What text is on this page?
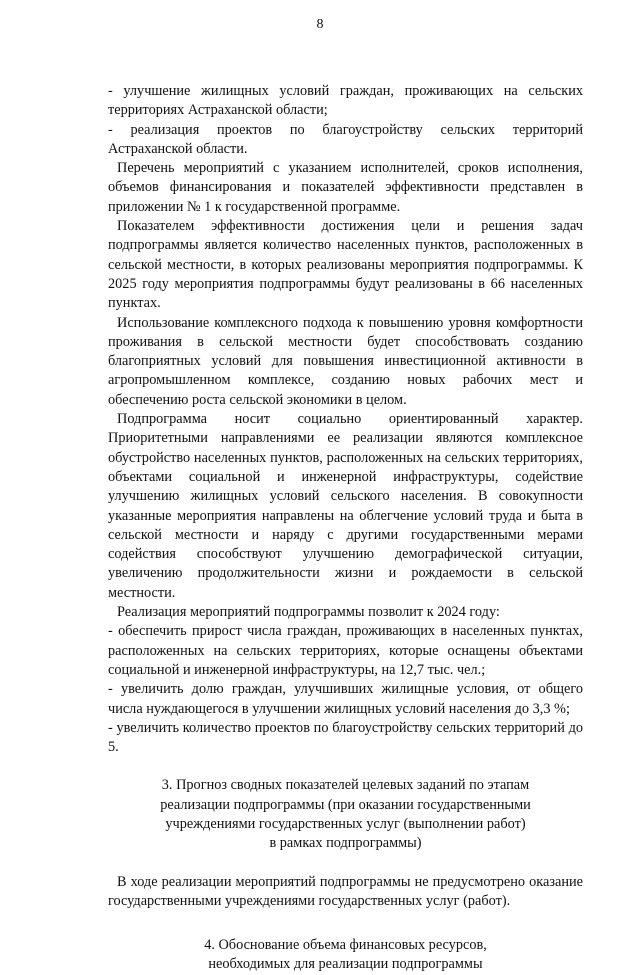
8

- улучшение жилищных условий граждан, проживающих на сельских территориях Астраханской области;

- реализация проектов по благоустройству сельских территорий Астраханской области.

Перечень мероприятий с указанием исполнителей, сроков исполнения, объемов финансирования и показателей эффективности представлен в приложении № 1 к государственной программе.

Показателем эффективности достижения цели и решения задач подпрограммы является количество населенных пунктов, расположенных в сельской местности, в которых реализованы мероприятия подпрограммы. К 2025 году мероприятия подпрограммы будут реализованы в 66 населенных пунктах.

Использование комплексного подхода к повышению уровня комфортности проживания в сельской местности будет способствовать созданию благоприятных условий для повышения инвестиционной активности в агропромышленном комплексе, созданию новых рабочих мест и обеспечению роста сельской экономики в целом.

Подпрограмма носит социально ориентированный характер. Приоритетными направлениями ее реализации являются комплексное обустройство населенных пунктов, расположенных на сельских территориях, объектами социальной и инженерной инфраструктуры, содействие улучшению жилищных условий сельского населения. В совокупности указанные мероприятия направлены на облегчение условий труда и быта в сельской местности и наряду с другими государственными мерами содействия способствуют улучшению демографической ситуации, увеличению продолжительности жизни и рождаемости в сельской местности.

Реализация мероприятий подпрограммы позволит к 2024 году:

- обеспечить прирост числа граждан, проживающих в населенных пунктах, расположенных на сельских территориях, которые оснащены объектами социальной и инженерной инфраструктуры, на 12,7 тыс. чел.;

- увеличить долю граждан, улучшивших жилищные условия, от общего числа нуждающегося в улучшении жилищных условий населения до 3,3 %;

- увеличить количество проектов по благоустройству сельских территорий до 5.

3. Прогноз сводных показателей целевых заданий по этапам
реализации подпрограммы (при оказании государственными
учреждениями государственных услуг (выполнении работ)
в рамках подпрограммы)

В ходе реализации мероприятий подпрограммы не предусмотрено оказание государственными учреждениями государственных услуг (работ).

4. Обоснование объема финансовых ресурсов,
необходимых для реализации подпрограммы
